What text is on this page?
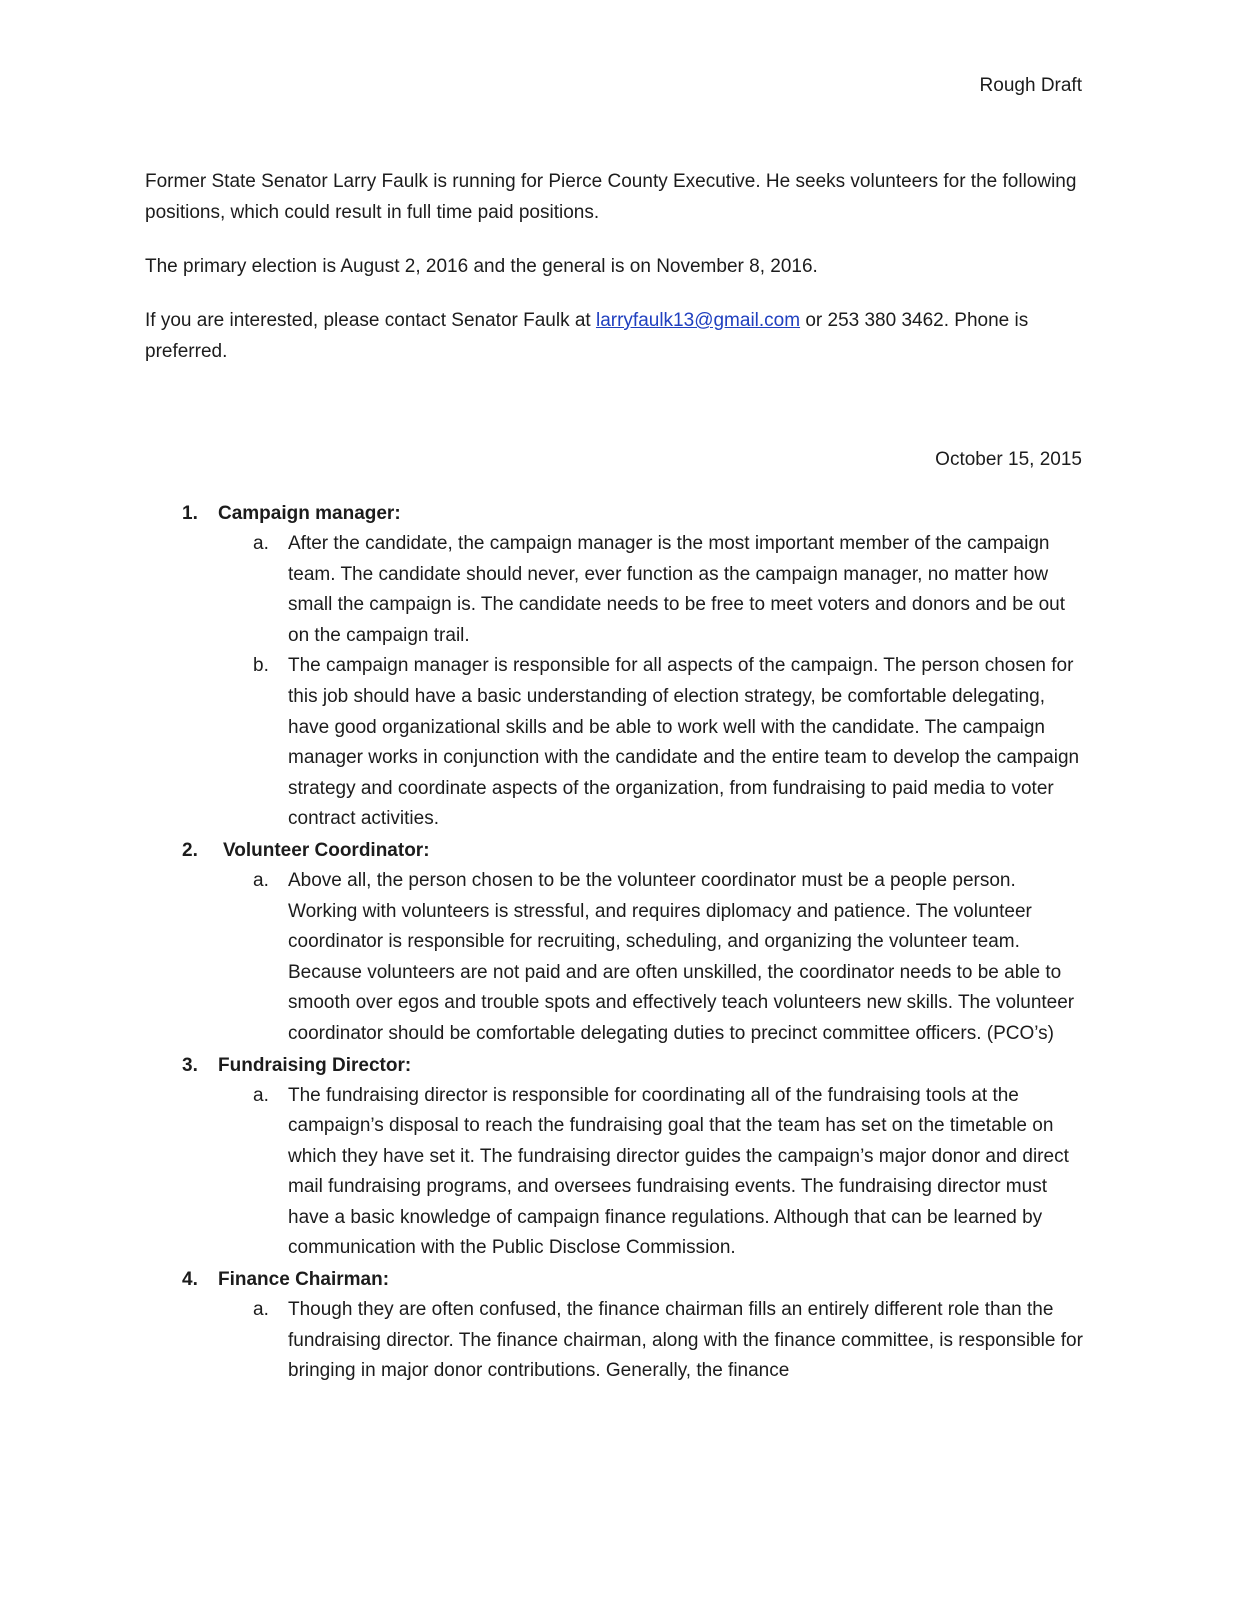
Rough Draft

Former State Senator Larry Faulk is running for Pierce County Executive. He seeks volunteers for the following positions, which could result in full time paid positions.

The primary election is August 2, 2016 and the general is on November 8, 2016.

If you are interested, please contact Senator Faulk at larryfaulk13@gmail.com or 253 380 3462. Phone is preferred.

October 15, 2015
1. Campaign manager:
a. After the candidate, the campaign manager is the most important member of the campaign team. The candidate should never, ever function as the campaign manager, no matter how small the campaign is. The candidate needs to be free to meet voters and donors and be out on the campaign trail.
b. The campaign manager is responsible for all aspects of the campaign. The person chosen for this job should have a basic understanding of election strategy, be comfortable delegating, have good organizational skills and be able to work well with the candidate. The campaign manager works in conjunction with the candidate and the entire team to develop the campaign strategy and coordinate aspects of the organization, from fundraising to paid media to voter contract activities.
2. Volunteer Coordinator:
a. Above all, the person chosen to be the volunteer coordinator must be a people person. Working with volunteers is stressful, and requires diplomacy and patience. The volunteer coordinator is responsible for recruiting, scheduling, and organizing the volunteer team. Because volunteers are not paid and are often unskilled, the coordinator needs to be able to smooth over egos and trouble spots and effectively teach volunteers new skills. The volunteer coordinator should be comfortable delegating duties to precinct committee officers. (PCO’s)
3. Fundraising Director:
a. The fundraising director is responsible for coordinating all of the fundraising tools at the campaign’s disposal to reach the fundraising goal that the team has set on the timetable on which they have set it. The fundraising director guides the campaign’s major donor and direct mail fundraising programs, and oversees fundraising events. The fundraising director must have a basic knowledge of campaign finance regulations. Although that can be learned by communication with the Public Disclose Commission.
4. Finance Chairman:
a. Though they are often confused, the finance chairman fills an entirely different role than the fundraising director. The finance chairman, along with the finance committee, is responsible for bringing in major donor contributions. Generally, the finance
